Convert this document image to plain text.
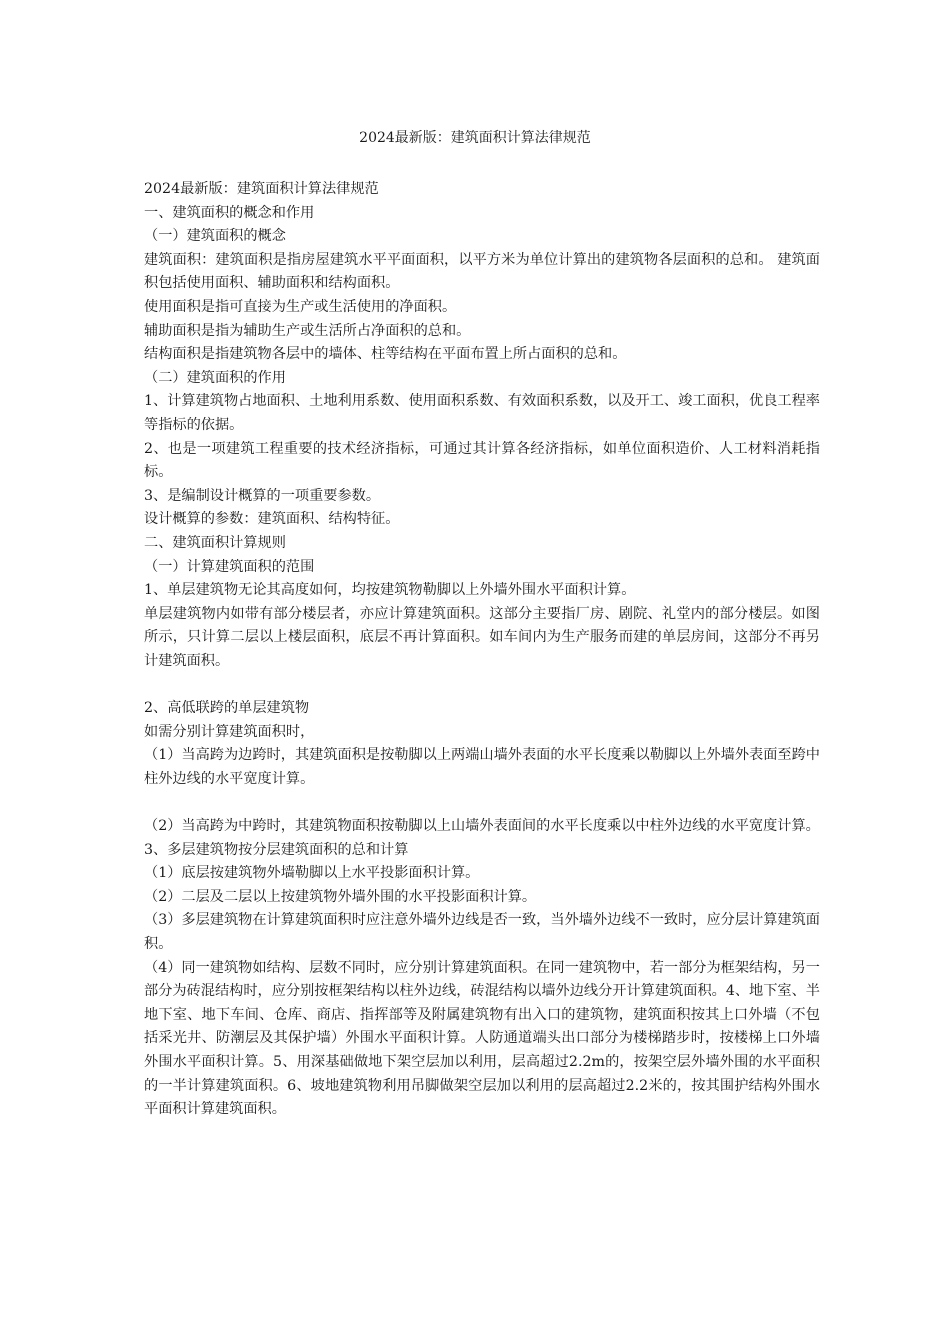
2024最新版：建筑面积计算法律规范

2024最新版：建筑面积计算法律规范

一、建筑面积的概念和作用

（一）建筑面积的概念

建筑面积：建筑面积是指房屋建筑水平平面面积，以平方米为单位计算出的建筑物各层面积的总和。 建筑面积包括使用面积、辅助面积和结构面积。

使用面积是指可直接为生产或生活使用的净面积。

辅助面积是指为辅助生产或生活所占净面积的总和。

结构面积是指建筑物各层中的墙体、柱等结构在平面布置上所占面积的总和。

（二）建筑面积的作用

1、计算建筑物占地面积、土地利用系数、使用面积系数、有效面积系数，以及开工、竣工面积，优良工程率等指标的依据。

2、也是一项建筑工程重要的技术经济指标，可通过其计算各经济指标，如单位面积造价、人工材料消耗指标。

3、是编制设计概算的一项重要参数。

设计概算的参数：建筑面积、结构特征。

二、建筑面积计算规则

（一）计算建筑面积的范围

1、单层建筑物无论其高度如何，均按建筑物勒脚以上外墙外围水平面积计算。

单层建筑物内如带有部分楼层者，亦应计算建筑面积。这部分主要指厂房、剧院、礼堂内的部分楼层。如图所示，只计算二层以上楼层面积，底层不再计算面积。如车间内为生产服务而建的单层房间，这部分不再另计建筑面积。

2、高低联跨的单层建筑物

如需分别计算建筑面积时，

（1）当高跨为边跨时，其建筑面积是按勒脚以上两端山墙外表面的水平长度乘以勒脚以上外墙外表面至跨中柱外边线的水平宽度计算。

（2）当高跨为中跨时，其建筑物面积按勒脚以上山墙外表面间的水平长度乘以中柱外边线的水平宽度计算。

3、多层建筑物按分层建筑面积的总和计算

（1）底层按建筑物外墙勒脚以上水平投影面积计算。

（2）二层及二层以上按建筑物外墙外围的水平投影面积计算。

（3）多层建筑物在计算建筑面积时应注意外墙外边线是否一致，当外墙外边线不一致时，应分层计算建筑面积。

（4）同一建筑物如结构、层数不同时，应分别计算建筑面积。在同一建筑物中，若一部分为框架结构，另一部分为砖混结构时，应分别按框架结构以柱外边线，砖混结构以墙外边线分开计算建筑面积。4、地下室、半地下室、地下车间、仓库、商店、指挥部等及附属建筑物有出入口的建筑物，建筑面积按其上口外墙（不包括采光井、防潮层及其保护墙）外围水平面积计算。人防通道端头出口部分为楼梯踏步时，按楼梯上口外墙外围水平面积计算。5、用深基础做地下架空层加以利用，层高超过2.2m的，按架空层外墙外围的水平面积的一半计算建筑面积。6、坡地建筑物利用吊脚做架空层加以利用的层高超过2.2米的，按其围护结构外围水平面积计算建筑面积。
